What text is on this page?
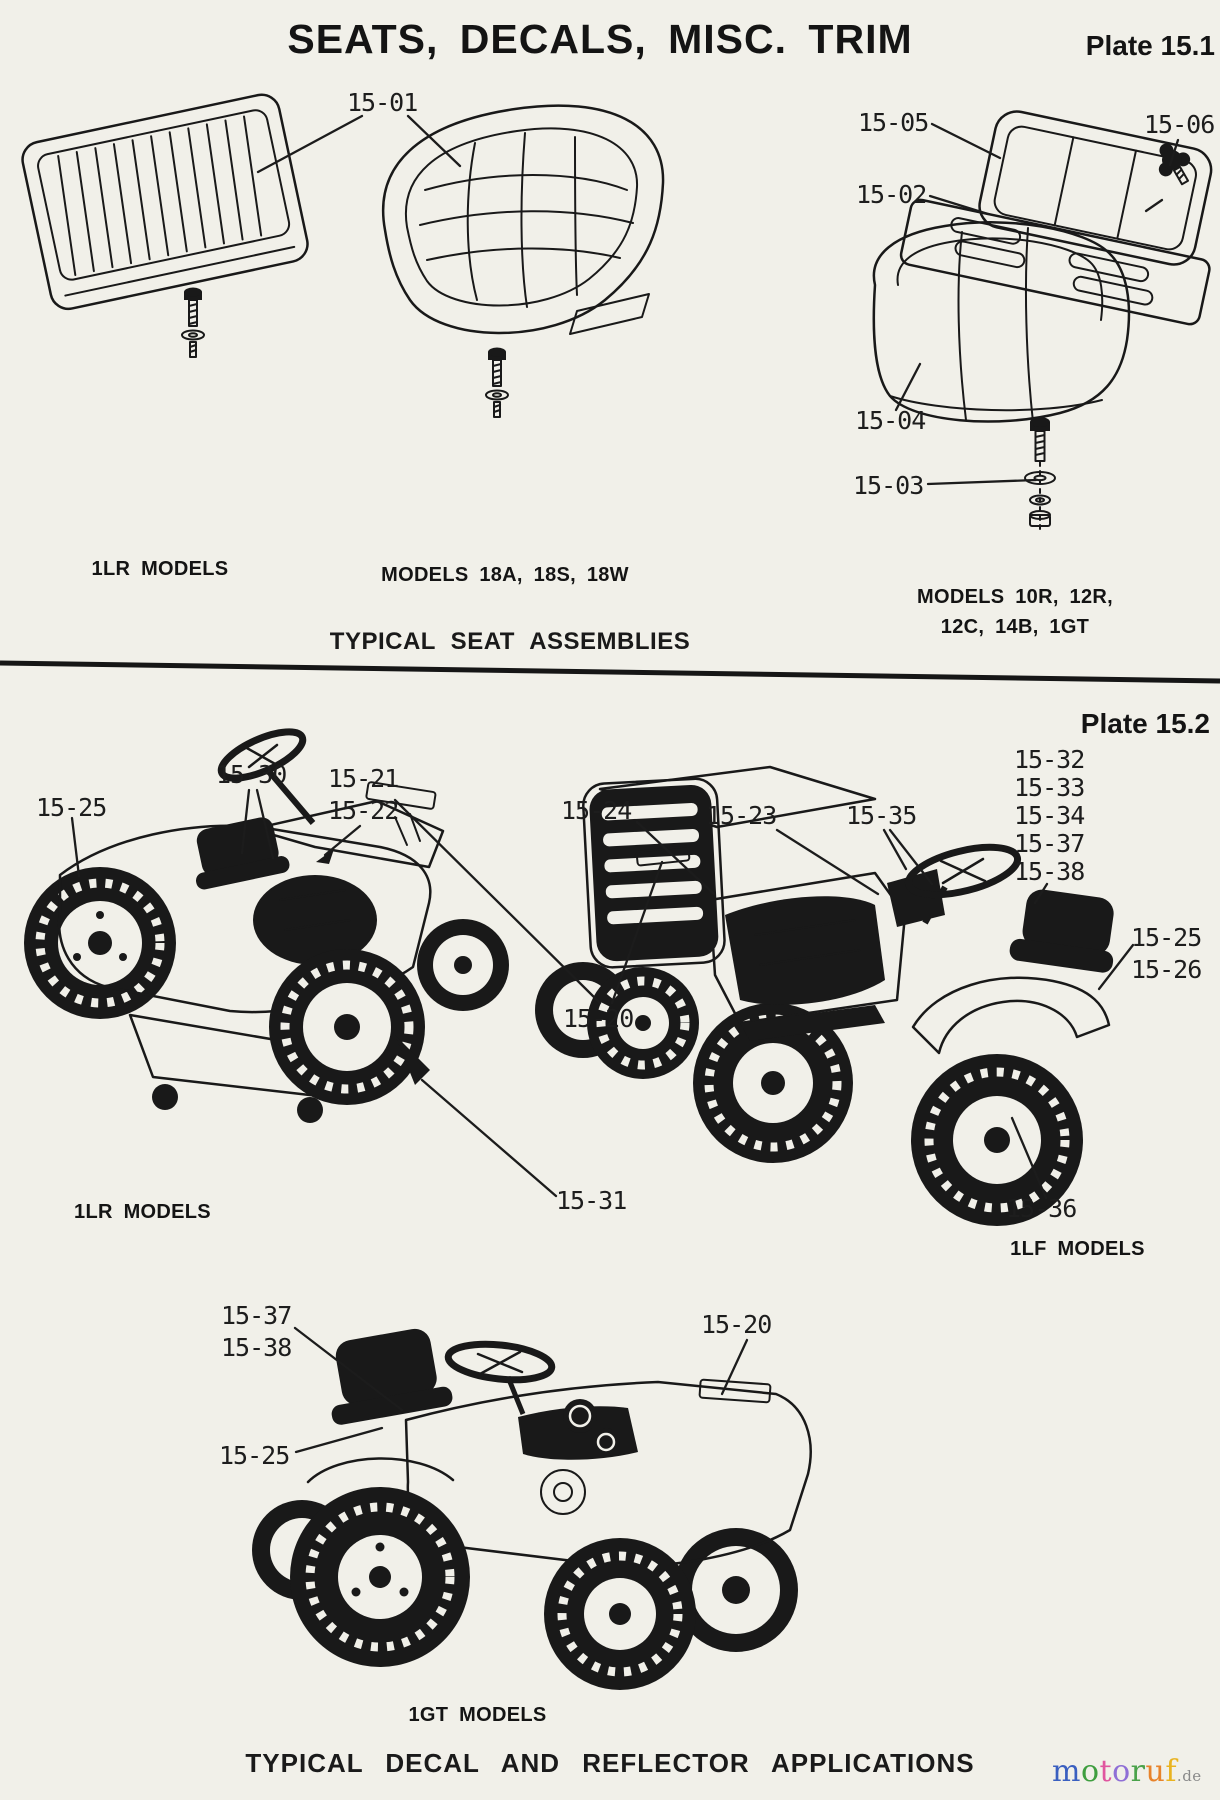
SEATS, DECALS, MISC. TRIM	Plate 15.1
15-01
15-05	15-06
15-02
15-04
15-03
1LR MODELS	MODELS 18A, 18S, 18W
MODELS 10R, 12R,
12C, 14B, 1GT
TYPICAL SEAT ASSEMBLIES
Plate 15.2
15-32
15-33
15-34
15-37
15-38
15-25
15-30 15-21
15-22	15-24	15-23	15-35
15-20
15-31
1LR MODELS
15-25
15-26
15-36
1LF MODELS
15-37
15-38
15-25
15-20
1GT MODELS
TYPICAL DECAL AND REFLECTOR APPLICATIONS	motoruf.de
